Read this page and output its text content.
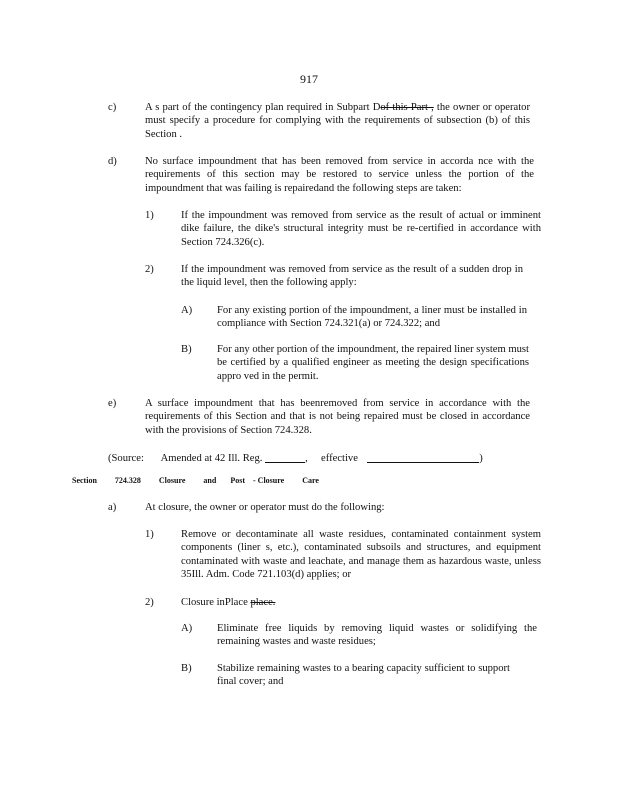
917
c)	A s part of the contingency plan required in Subpart Dof this Part , the owner or operator must specify a procedure for complying with the requirements of subsection (b) of this Section .
d)	No surface impoundment that has been removed from service in accorda nce with the requirements of this section may be restored to service unless the portion of the impoundment that was failing is repairedand the following steps are taken:
1)	If the impoundment was removed from service as the result of actual or imminent dike failure, the dike's structural integrity must be re-certified in accordance with Section 724.326(c).
2)	If the impoundment was removed from service as the result of a sudden drop in the liquid level, then the following apply:
A) For any existing portion of the impoundment, a liner must be installed in compliance with Section 724.321(a) or 724.322; and
B) For any other portion of the impoundment, the repaired liner system must be certified by a qualified engineer as meeting the design specifications appro ved in the permit.
e)	A surface impoundment that has beenremoved from service in accordance with the requirements of this Section and that is not being repaired must be closed in accordance with the provisions of Section 724.328.
(Source: Amended at 42 Ill. Reg.	, effective	)
Section 724.328 Closure and Post - Closure Care
a)	At closure, the owner or operator must do the following:
1)	Remove or decontaminate all waste residues, contaminated containment system components (liner s, etc.), contaminated subsoils and structures, and equipment contaminated with waste and leachate, and manage them as hazardous waste, unless 35Ill. Adm. Code 721.103(d) applies; or
2)	Closure inPlace place.
A) Eliminate free liquids by removing liquid wastes or solidifying the remaining wastes and waste residues;
B) Stabilize remaining wastes to a bearing capacity sufficient to support final cover; and
